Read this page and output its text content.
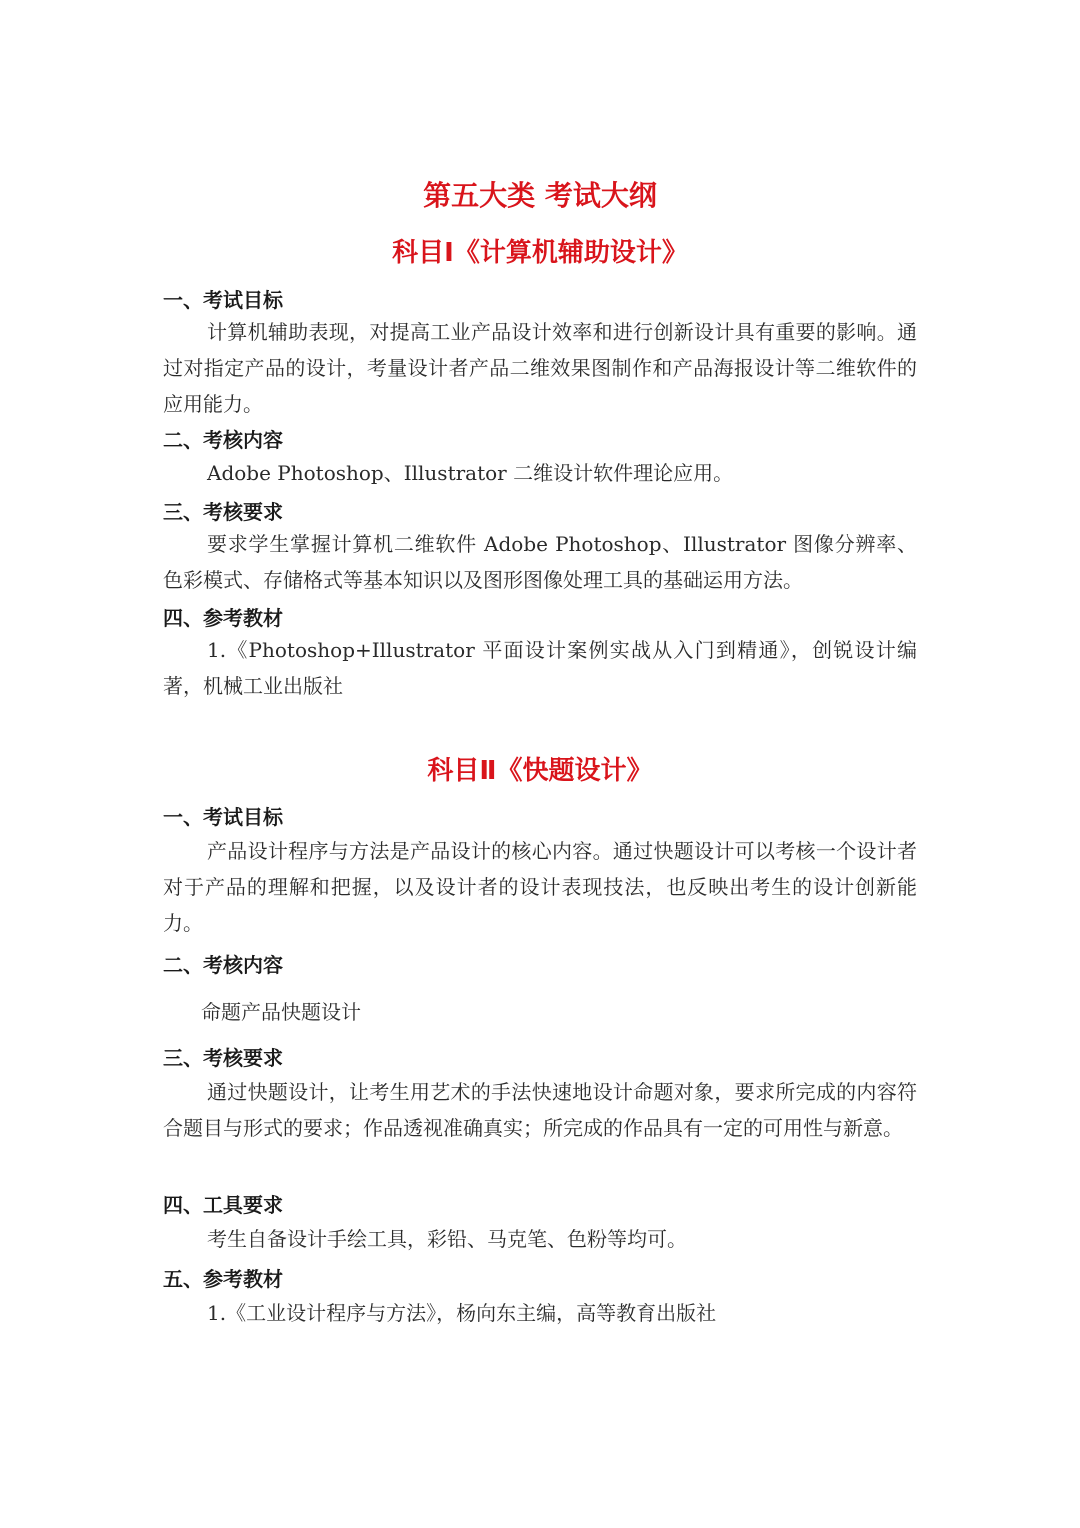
第五大类 考试大纲
科目Ⅰ《计算机辅助设计》
一、考试目标
计算机辅助表现，对提高工业产品设计效率和进行创新设计具有重要的影响。通过对指定产品的设计，考量设计者产品二维效果图制作和产品海报设计等二维软件的应用能力。
二、考核内容
Adobe Photoshop、Illustrator 二维设计软件理论应用。
三、考核要求
要求学生掌握计算机二维软件 Adobe Photoshop、Illustrator 图像分辨率、色彩模式、存储格式等基本知识以及图形图像处理工具的基础运用方法。
四、参考教材
1.《Photoshop+Illustrator 平面设计案例实战从入门到精通》，创锐设计编著，机械工业出版社
科目Ⅱ《快题设计》
一、考试目标
产品设计程序与方法是产品设计的核心内容。通过快题设计可以考核一个设计者对于产品的理解和把握，以及设计者的设计表现技法，也反映出考生的设计创新能力。
二、考核内容
命题产品快题设计
三、考核要求
通过快题设计，让考生用艺术的手法快速地设计命题对象，要求所完成的内容符合题目与形式的要求；作品透视准确真实；所完成的作品具有一定的可用性与新意。
四、工具要求
考生自备设计手绘工具，彩铅、马克笔、色粉等均可。
五、参考教材
1.《工业设计程序与方法》，杨向东主编，高等教育出版社
